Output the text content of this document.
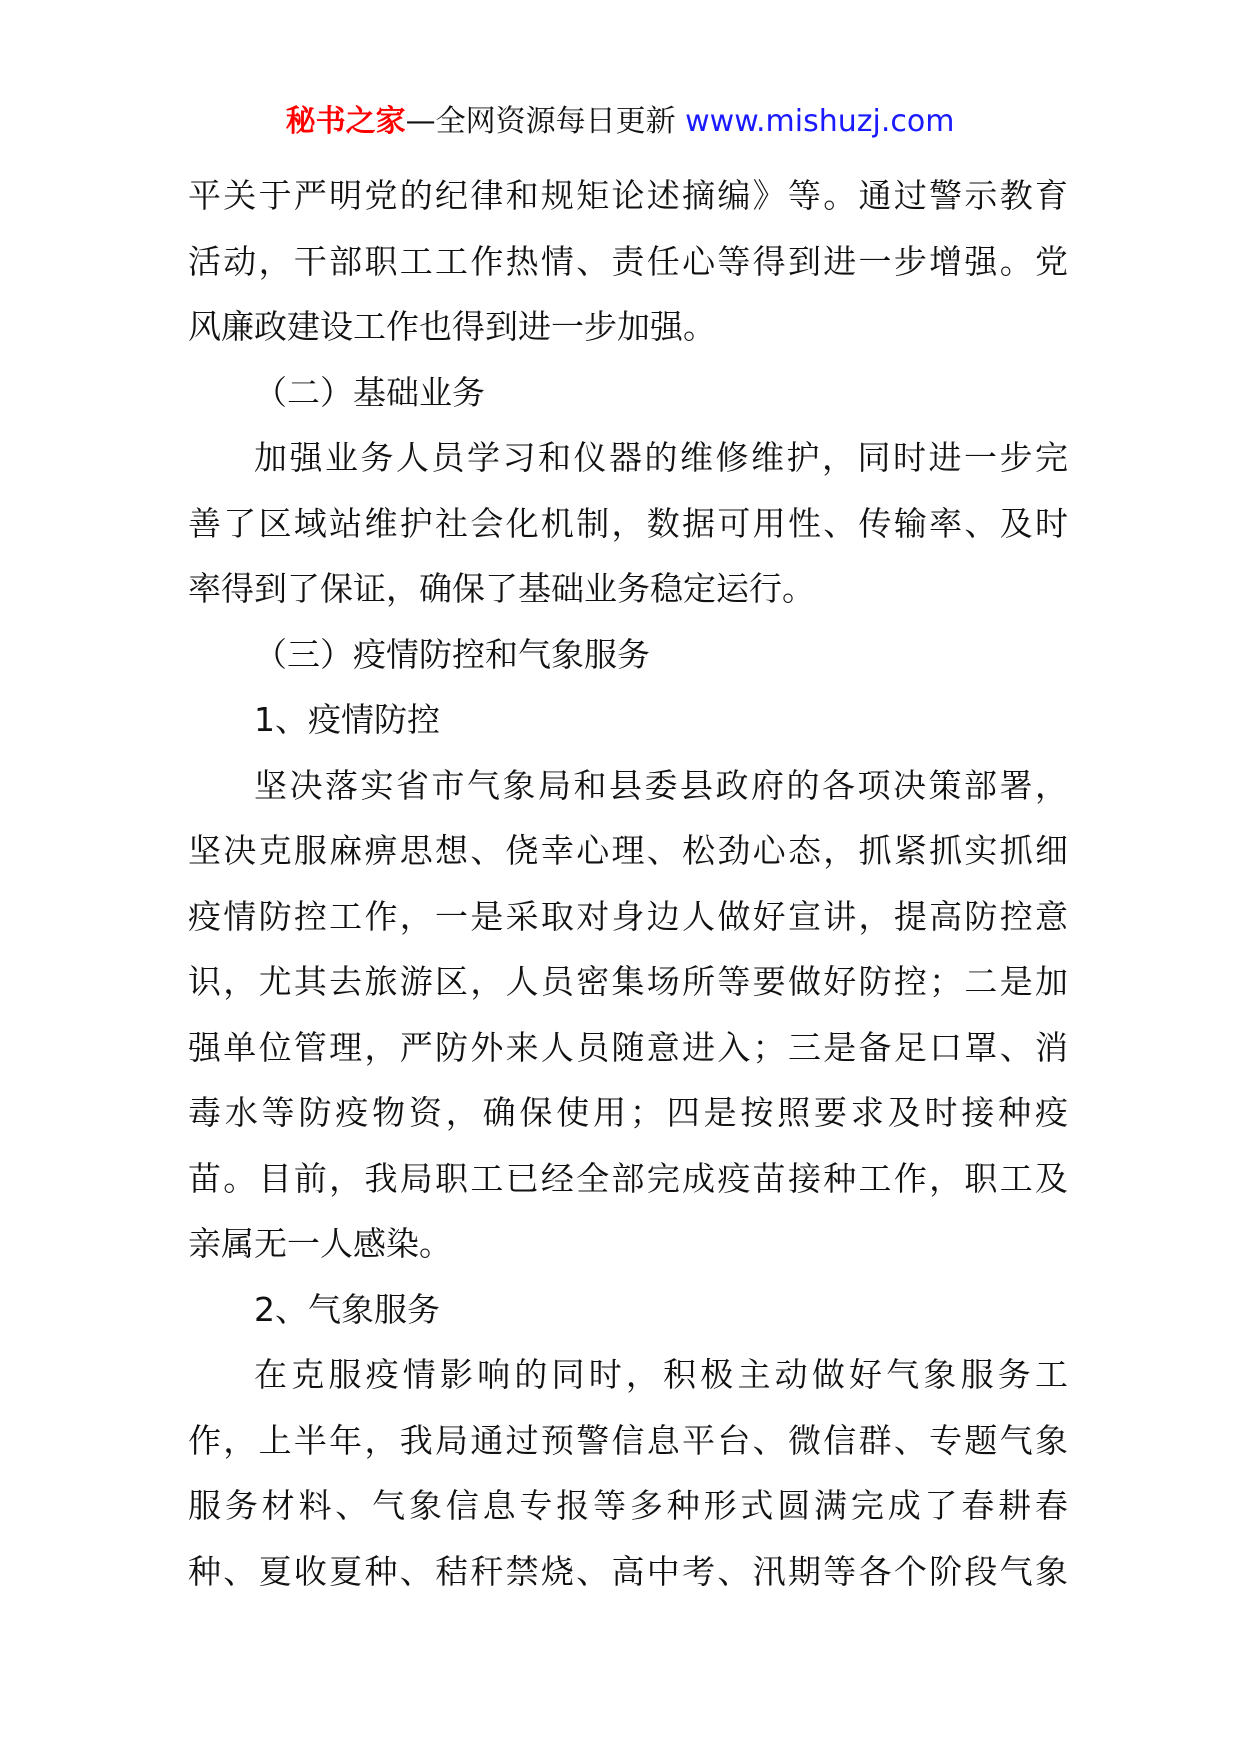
秘书之家—全网资源每日更新 www.mishuzj.com
平关于严明党的纪律和规矩论述摘编》等。通过警示教育
活动，干部职工工作热情、责任心等得到进一步增强。党
风廉政建设工作也得到进一步加强。
（二）基础业务
加强业务人员学习和仪器的维修维护，同时进一步完
善了区域站维护社会化机制，数据可用性、传输率、及时
率得到了保证，确保了基础业务稳定运行。
（三）疫情防控和气象服务
1、疫情防控
坚决落实省市气象局和县委县政府的各项决策部署，
坚决克服麻痹思想、侥幸心理、松劲心态，抓紧抓实抓细
疫情防控工作，一是采取对身边人做好宣讲，提高防控意
识，尤其去旅游区，人员密集场所等要做好防控；二是加
强单位管理，严防外来人员随意进入；三是备足口罩、消
毒水等防疫物资，确保使用；四是按照要求及时接种疫
苗。目前，我局职工已经全部完成疫苗接种工作，职工及
亲属无一人感染。
2、气象服务
在克服疫情影响的同时，积极主动做好气象服务工
作，上半年，我局通过预警信息平台、微信群、专题气象
服务材料、气象信息专报等多种形式圆满完成了春耕春
种、夏收夏种、秸秆禁烧、高中考、汛期等各个阶段气象
